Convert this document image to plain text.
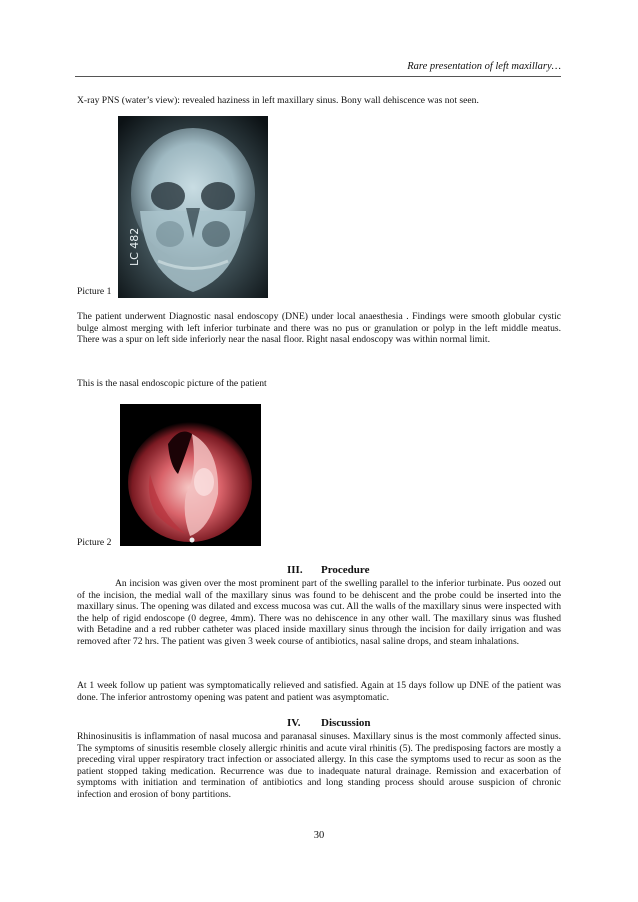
Rare presentation of left maxillary…

X-ray PNS (water’s view): revealed haziness in left maxillary sinus. Bony wall dehiscence was not seen.

LC 482
Picture 1

The patient underwent Diagnostic nasal endoscopy (DNE) under local anaesthesia . Findings were smooth globular cystic bulge almost merging with left inferior turbinate and there was no pus or granulation or polyp in the left middle meatus. There was a spur on left side inferiorly near the nasal floor. Right nasal endoscopy was within normal limit.

This is the nasal endoscopic picture of the patient

Picture 2
III. Procedure

An incision was given over the most prominent part of the swelling parallel to the inferior turbinate. Pus oozed out of the incision, the medial wall of the maxillary sinus was found to be dehiscent and the probe could be inserted into the maxillary sinus. The opening was dilated and excess mucosa was cut. All the walls of the maxillary sinus were inspected with the help of rigid endoscope (0 degree, 4mm). There was no dehiscence in any other wall. The maxillary sinus was flushed with Betadine and a red rubber catheter was placed inside maxillary sinus through the incision for daily irrigation and was removed after 72 hrs. The patient was given 3 week course of antibiotics, nasal saline drops, and steam inhalations.

At 1 week follow up patient was symptomatically relieved and satisfied. Again at 15 days follow up DNE of the patient was done. The inferior antrostomy opening was patent and patient was asymptomatic.

IV. Discussion

Rhinosinusitis is inflammation of nasal mucosa and paranasal sinuses. Maxillary sinus is the most commonly affected sinus. The symptoms of sinusitis resemble closely allergic rhinitis and acute viral rhinitis (5). The predisposing factors are mostly a preceding viral upper respiratory tract infection or associated allergy. In this case the symptoms used to recur as soon as the patient stopped taking medication. Recurrence was due to inadequate natural drainage. Remission and exacerbation of symptoms with initiation and termination of antibiotics and long standing process should arouse suspicion of chronic infection and erosion of bony partitions.

30
